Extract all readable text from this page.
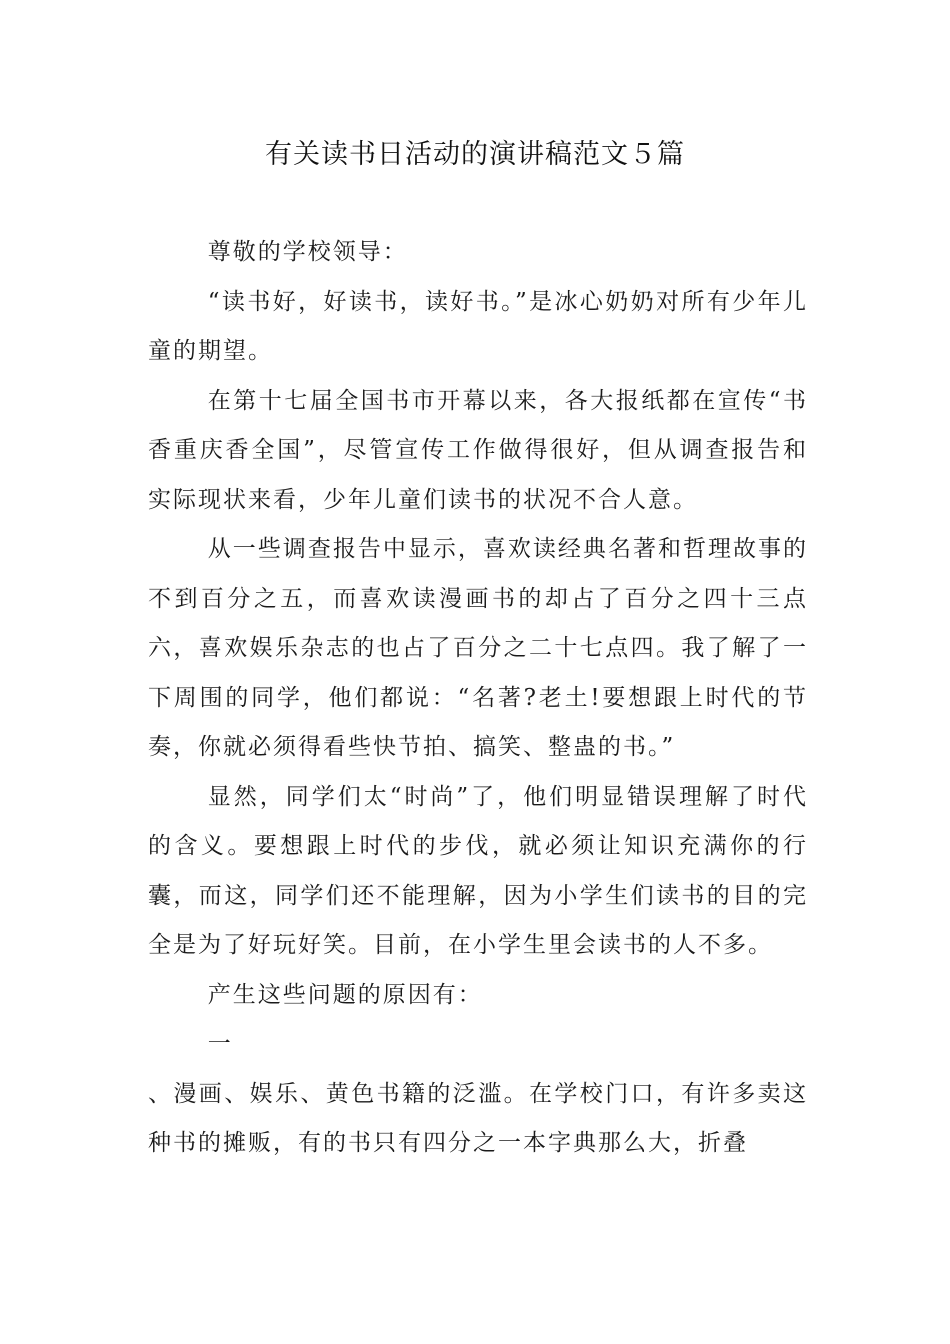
有关读书日活动的演讲稿范文５篇

尊敬的学校领导：

“读书好，好读书，读好书。”是冰心奶奶对所有少年儿童的期望。

在第十七届全国书市开幕以来，各大报纸都在宣传“书香重庆香全国”，尽管宣传工作做得很好，但从调查报告和实际现状来看，少年儿童们读书的状况不合人意。

从一些调查报告中显示，喜欢读经典名著和哲理故事的不到百分之五，而喜欢读漫画书的却占了百分之四十三点六，喜欢娱乐杂志的也占了百分之二十七点四。我了解了一下周围的同学，他们都说：“名著?老土!要想跟上时代的节奏，你就必须得看些快节拍、搞笑、整蛊的书。”

显然，同学们太“时尚”了，他们明显错误理解了时代的含义。要想跟上时代的步伐，就必须让知识充满你的行囊，而这，同学们还不能理解，因为小学生们读书的目的完全是为了好玩好笑。目前，在小学生里会读书的人不多。

产生这些问题的原因有：

一

、漫画、娱乐、黄色书籍的泛滥。在学校门口，有许多卖这种书的摊贩，有的书只有四分之一本字典那么大，折叠
